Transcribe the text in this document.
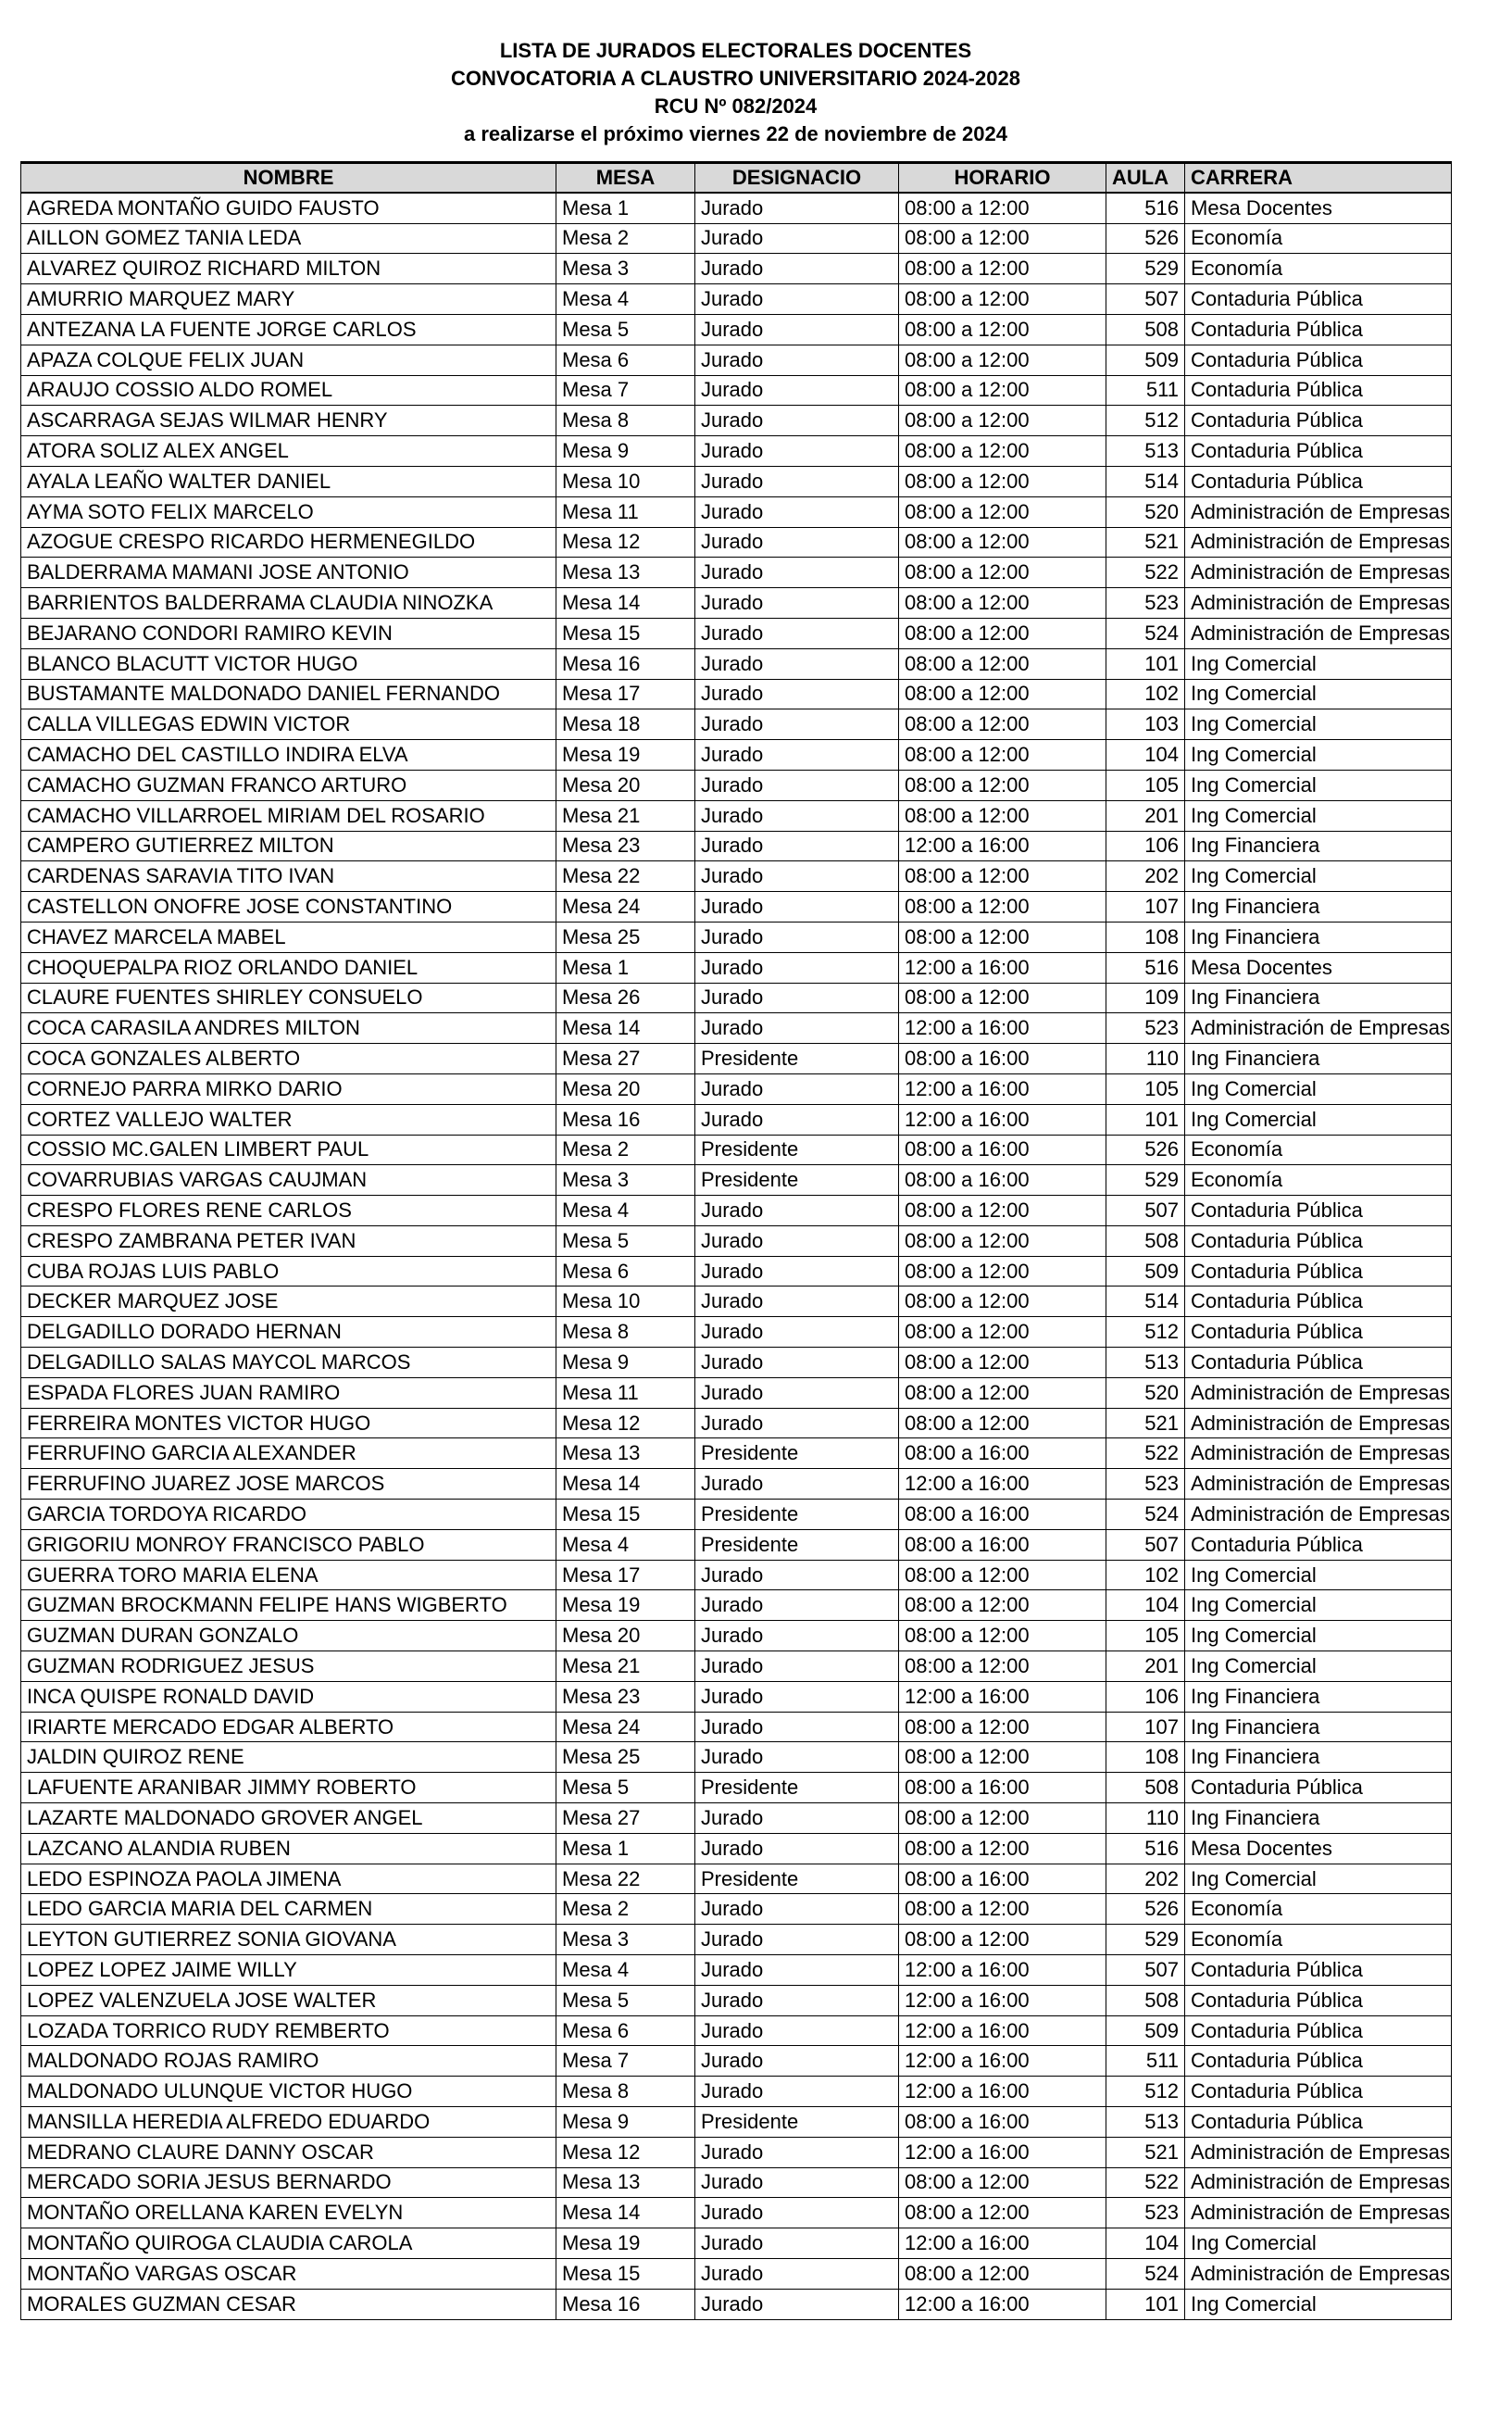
LISTA DE JURADOS ELECTORALES DOCENTES
CONVOCATORIA A CLAUSTRO UNIVERSITARIO 2024-2028
RCU Nº 082/2024
a realizarse el próximo viernes 22 de noviembre de 2024
NOMBRE	MESA	DESIGNACIO	HORARIO	AULA	CARRERA
AGREDA MONTAÑO GUIDO FAUSTO	Mesa 1	Jurado	08:00 a 12:00	516	Mesa Docentes
AILLON GOMEZ TANIA LEDA	Mesa 2	Jurado	08:00 a 12:00	526	Economía
ALVAREZ QUIROZ RICHARD MILTON	Mesa 3	Jurado	08:00 a 12:00	529	Economía
AMURRIO MARQUEZ MARY	Mesa 4	Jurado	08:00 a 12:00	507	Contaduria Pública
ANTEZANA LA FUENTE JORGE CARLOS	Mesa 5	Jurado	08:00 a 12:00	508	Contaduria Pública
APAZA COLQUE FELIX JUAN	Mesa 6	Jurado	08:00 a 12:00	509	Contaduria Pública
ARAUJO COSSIO ALDO ROMEL	Mesa 7	Jurado	08:00 a 12:00	511	Contaduria Pública
ASCARRAGA SEJAS WILMAR HENRY	Mesa 8	Jurado	08:00 a 12:00	512	Contaduria Pública
ATORA SOLIZ ALEX ANGEL	Mesa 9	Jurado	08:00 a 12:00	513	Contaduria Pública
AYALA LEAÑO WALTER DANIEL	Mesa 10	Jurado	08:00 a 12:00	514	Contaduria Pública
AYMA SOTO FELIX MARCELO	Mesa 11	Jurado	08:00 a 12:00	520	Administración de Empresas
AZOGUE CRESPO RICARDO HERMENEGILDO	Mesa 12	Jurado	08:00 a 12:00	521	Administración de Empresas
BALDERRAMA MAMANI JOSE ANTONIO	Mesa 13	Jurado	08:00 a 12:00	522	Administración de Empresas
BARRIENTOS BALDERRAMA CLAUDIA NINOZKA	Mesa 14	Jurado	08:00 a 12:00	523	Administración de Empresas
BEJARANO CONDORI RAMIRO KEVIN	Mesa 15	Jurado	08:00 a 12:00	524	Administración de Empresas
BLANCO BLACUTT VICTOR HUGO	Mesa 16	Jurado	08:00 a 12:00	101	Ing Comercial
BUSTAMANTE MALDONADO DANIEL FERNANDO	Mesa 17	Jurado	08:00 a 12:00	102	Ing Comercial
CALLA VILLEGAS EDWIN VICTOR	Mesa 18	Jurado	08:00 a 12:00	103	Ing Comercial
CAMACHO DEL CASTILLO INDIRA ELVA	Mesa 19	Jurado	08:00 a 12:00	104	Ing Comercial
CAMACHO GUZMAN FRANCO ARTURO	Mesa 20	Jurado	08:00 a 12:00	105	Ing Comercial
CAMACHO VILLARROEL MIRIAM DEL ROSARIO	Mesa 21	Jurado	08:00 a 12:00	201	Ing Comercial
CAMPERO GUTIERREZ MILTON	Mesa 23	Jurado	12:00 a 16:00	106	Ing Financiera
CARDENAS SARAVIA TITO IVAN	Mesa 22	Jurado	08:00 a 12:00	202	Ing Comercial
CASTELLON ONOFRE JOSE CONSTANTINO	Mesa 24	Jurado	08:00 a 12:00	107	Ing Financiera
CHAVEZ MARCELA MABEL	Mesa 25	Jurado	08:00 a 12:00	108	Ing Financiera
CHOQUEPALPA RIOZ ORLANDO DANIEL	Mesa 1	Jurado	12:00 a 16:00	516	Mesa Docentes
CLAURE FUENTES SHIRLEY CONSUELO	Mesa 26	Jurado	08:00 a 12:00	109	Ing Financiera
COCA CARASILA ANDRES MILTON	Mesa 14	Jurado	12:00 a 16:00	523	Administración de Empresas
COCA GONZALES ALBERTO	Mesa 27	Presidente	08:00 a 16:00	110	Ing Financiera
CORNEJO PARRA MIRKO DARIO	Mesa 20	Jurado	12:00 a 16:00	105	Ing Comercial
CORTEZ VALLEJO WALTER	Mesa 16	Jurado	12:00 a 16:00	101	Ing Comercial
COSSIO MC.GALEN LIMBERT PAUL	Mesa 2	Presidente	08:00 a 16:00	526	Economía
COVARRUBIAS VARGAS CAUJMAN	Mesa 3	Presidente	08:00 a 16:00	529	Economía
CRESPO FLORES RENE CARLOS	Mesa 4	Jurado	08:00 a 12:00	507	Contaduria Pública
CRESPO ZAMBRANA PETER IVAN	Mesa 5	Jurado	08:00 a 12:00	508	Contaduria Pública
CUBA ROJAS LUIS PABLO	Mesa 6	Jurado	08:00 a 12:00	509	Contaduria Pública
DECKER MARQUEZ JOSE	Mesa 10	Jurado	08:00 a 12:00	514	Contaduria Pública
DELGADILLO DORADO HERNAN	Mesa 8	Jurado	08:00 a 12:00	512	Contaduria Pública
DELGADILLO SALAS MAYCOL MARCOS	Mesa 9	Jurado	08:00 a 12:00	513	Contaduria Pública
ESPADA FLORES JUAN RAMIRO	Mesa 11	Jurado	08:00 a 12:00	520	Administración de Empresas
FERREIRA MONTES VICTOR HUGO	Mesa 12	Jurado	08:00 a 12:00	521	Administración de Empresas
FERRUFINO GARCIA ALEXANDER	Mesa 13	Presidente	08:00 a 16:00	522	Administración de Empresas
FERRUFINO JUAREZ JOSE MARCOS	Mesa 14	Jurado	12:00 a 16:00	523	Administración de Empresas
GARCIA TORDOYA RICARDO	Mesa 15	Presidente	08:00 a 16:00	524	Administración de Empresas
GRIGORIU MONROY FRANCISCO PABLO	Mesa 4	Presidente	08:00 a 16:00	507	Contaduria Pública
GUERRA TORO MARIA ELENA	Mesa 17	Jurado	08:00 a 12:00	102	Ing Comercial
GUZMAN BROCKMANN FELIPE HANS WIGBERTO	Mesa 19	Jurado	08:00 a 12:00	104	Ing Comercial
GUZMAN DURAN GONZALO	Mesa 20	Jurado	08:00 a 12:00	105	Ing Comercial
GUZMAN RODRIGUEZ JESUS	Mesa 21	Jurado	08:00 a 12:00	201	Ing Comercial
INCA QUISPE RONALD DAVID	Mesa 23	Jurado	12:00 a 16:00	106	Ing Financiera
IRIARTE MERCADO EDGAR ALBERTO	Mesa 24	Jurado	08:00 a 12:00	107	Ing Financiera
JALDIN QUIROZ RENE	Mesa 25	Jurado	08:00 a 12:00	108	Ing Financiera
LAFUENTE ARANIBAR JIMMY ROBERTO	Mesa 5	Presidente	08:00 a 16:00	508	Contaduria Pública
LAZARTE MALDONADO GROVER ANGEL	Mesa 27	Jurado	08:00 a 12:00	110	Ing Financiera
LAZCANO ALANDIA RUBEN	Mesa 1	Jurado	08:00 a 12:00	516	Mesa Docentes
LEDO ESPINOZA PAOLA JIMENA	Mesa 22	Presidente	08:00 a 16:00	202	Ing Comercial
LEDO GARCIA MARIA DEL CARMEN	Mesa 2	Jurado	08:00 a 12:00	526	Economía
LEYTON GUTIERREZ SONIA GIOVANA	Mesa 3	Jurado	08:00 a 12:00	529	Economía
LOPEZ LOPEZ JAIME WILLY	Mesa 4	Jurado	12:00 a 16:00	507	Contaduria Pública
LOPEZ VALENZUELA JOSE WALTER	Mesa 5	Jurado	12:00 a 16:00	508	Contaduria Pública
LOZADA TORRICO RUDY REMBERTO	Mesa 6	Jurado	12:00 a 16:00	509	Contaduria Pública
MALDONADO ROJAS RAMIRO	Mesa 7	Jurado	12:00 a 16:00	511	Contaduria Pública
MALDONADO ULUNQUE VICTOR HUGO	Mesa 8	Jurado	12:00 a 16:00	512	Contaduria Pública
MANSILLA HEREDIA ALFREDO EDUARDO	Mesa 9	Presidente	08:00 a 16:00	513	Contaduria Pública
MEDRANO CLAURE DANNY OSCAR	Mesa 12	Jurado	12:00 a 16:00	521	Administración de Empresas
MERCADO SORIA JESUS BERNARDO	Mesa 13	Jurado	08:00 a 12:00	522	Administración de Empresas
MONTAÑO ORELLANA KAREN EVELYN	Mesa 14	Jurado	08:00 a 12:00	523	Administración de Empresas
MONTAÑO QUIROGA CLAUDIA CAROLA	Mesa 19	Jurado	12:00 a 16:00	104	Ing Comercial
MONTAÑO VARGAS OSCAR	Mesa 15	Jurado	08:00 a 12:00	524	Administración de Empresas
MORALES GUZMAN CESAR	Mesa 16	Jurado	12:00 a 16:00	101	Ing Comercial
